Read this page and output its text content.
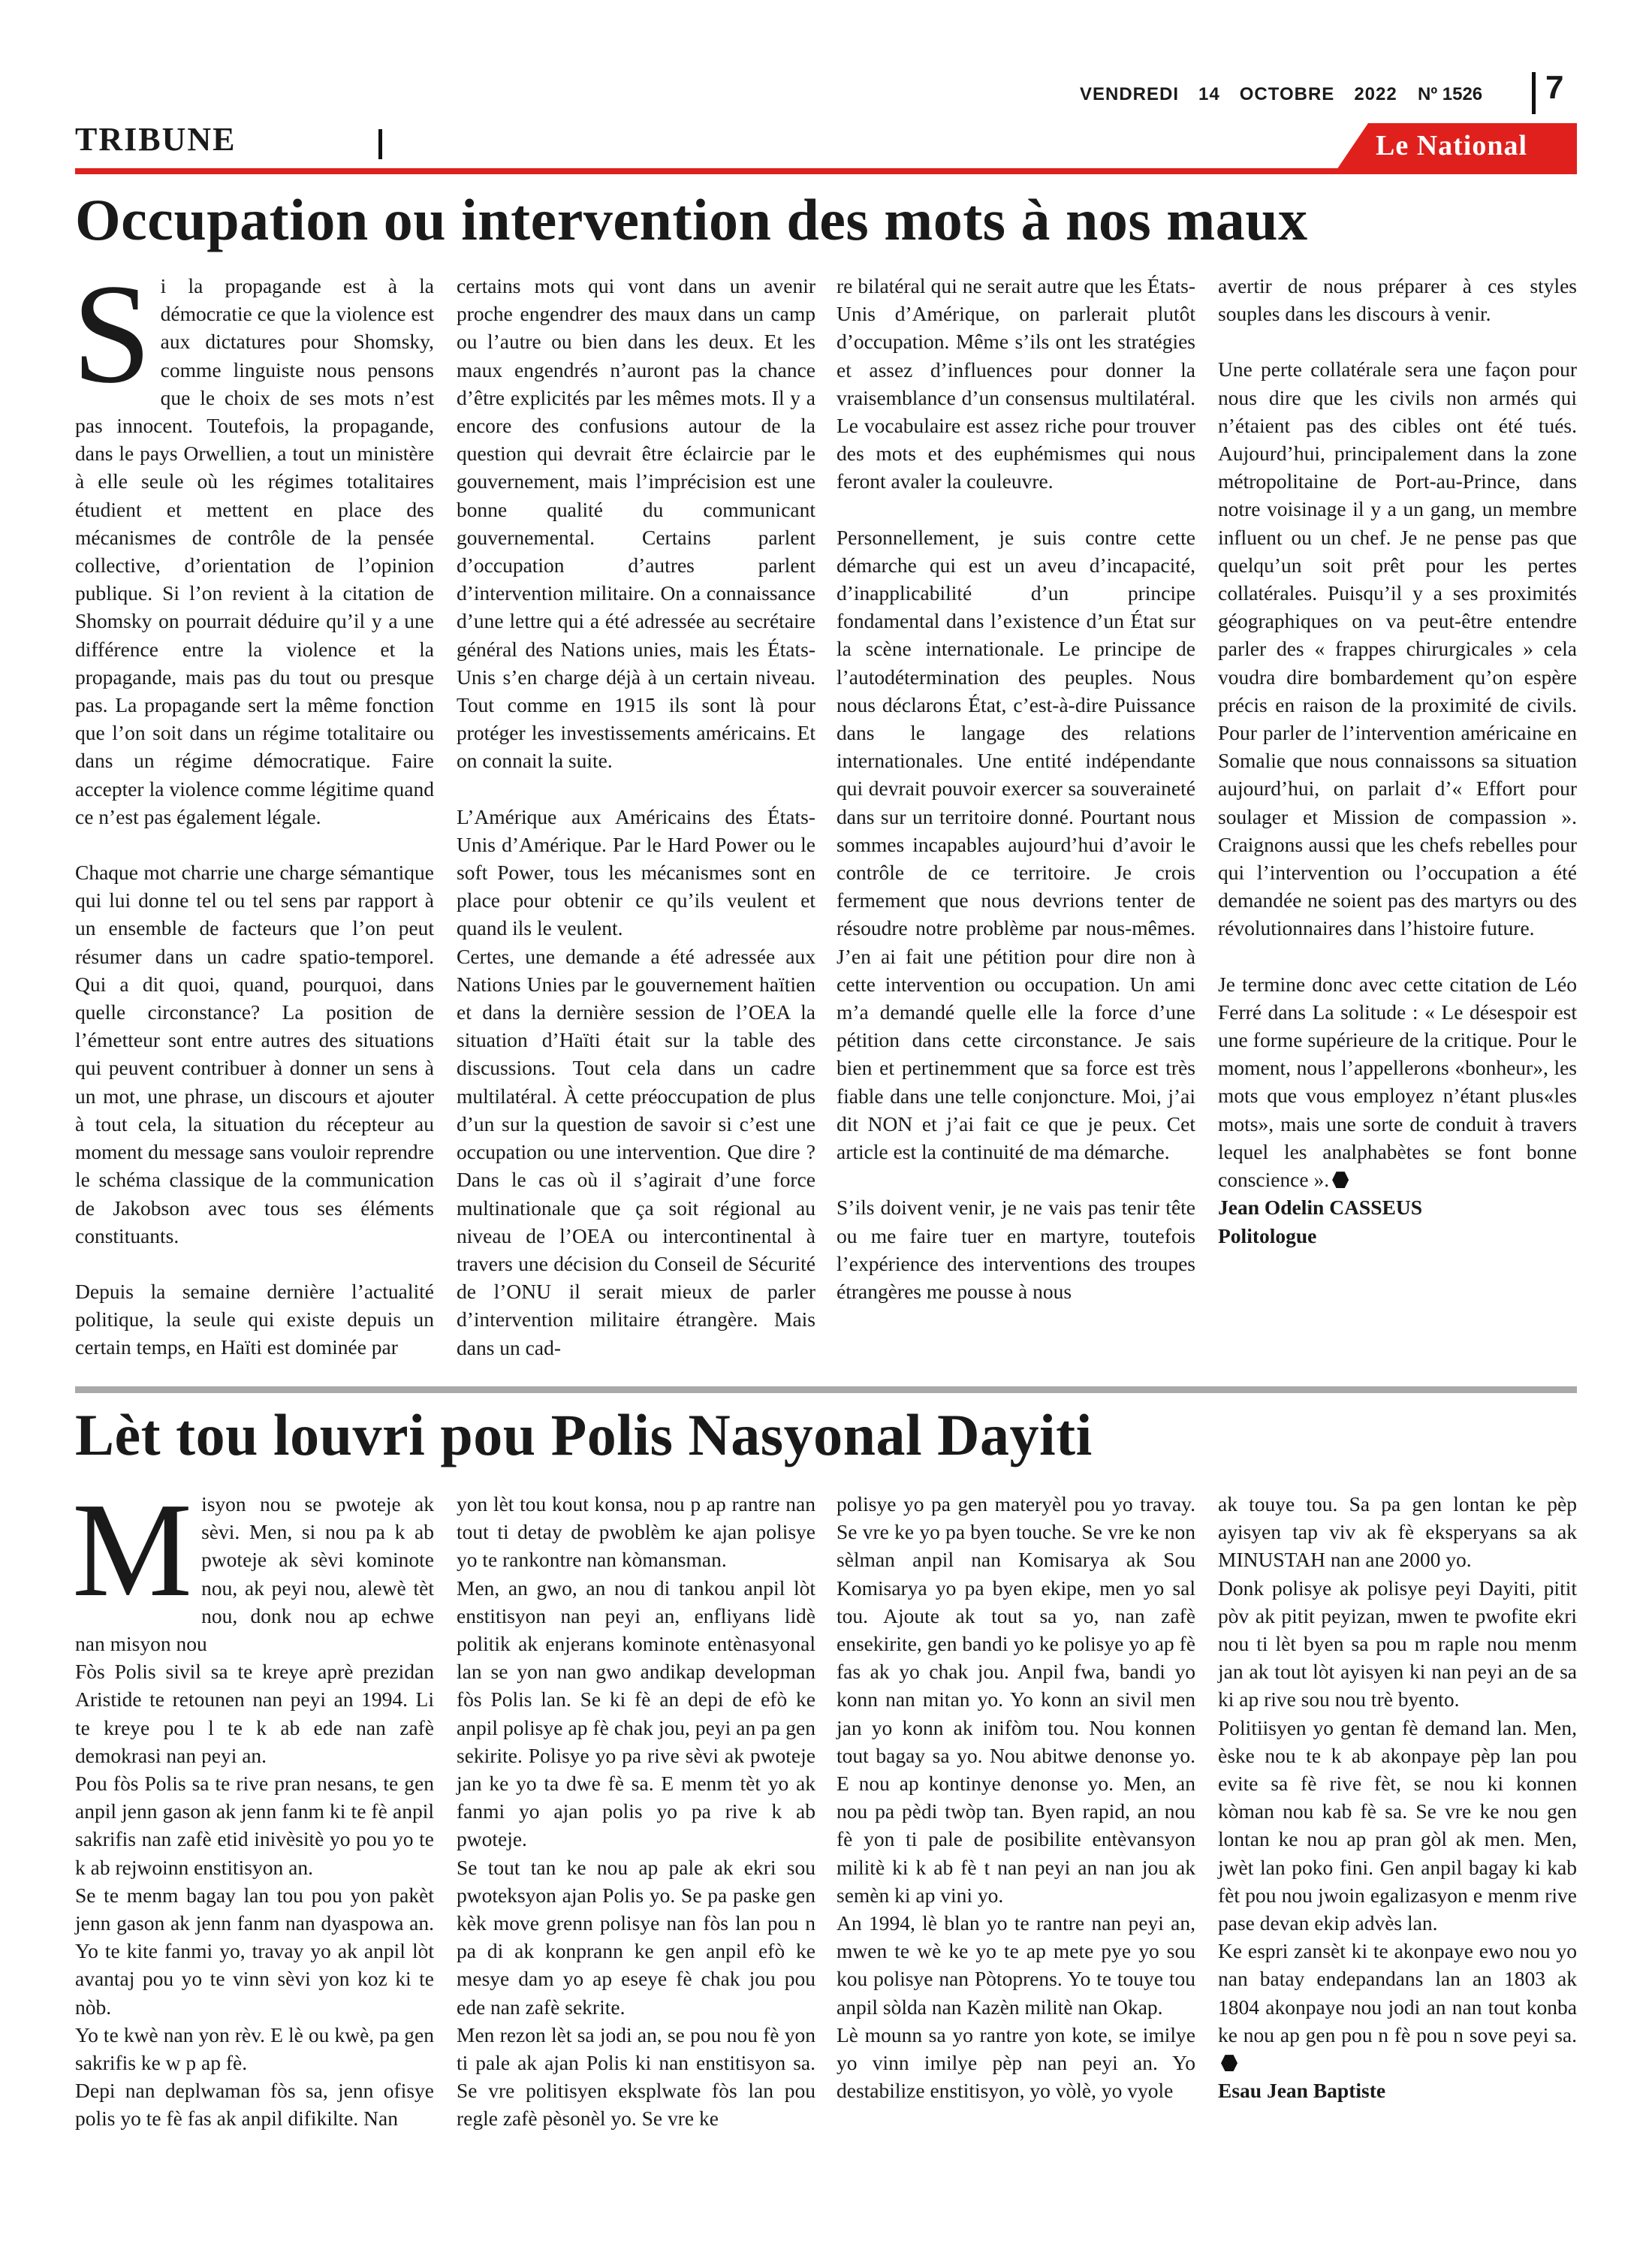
VENDREDI 14 OCTOBRE 2022	Nº 1526 7
TRIBUNE	Le National
Occupation ou intervention des mots à nos maux
S i la propagande est à la démocratie ce que la violence est aux dictatures pour Shomsky, comme linguiste nous pensons que le choix de ses mots n’est pas innocent. Toutefois, la propagande, dans le pays Orwellien, a tout un ministère à elle seule où les régimes totalitaires étudient et mettent en place des mécanismes de contrôle de la pensée collective, d’orientation de l’opinion publique. Si l’on revient à la citation de Shomsky on pourrait déduire qu’il y a une différence entre la violence et la propagande, mais pas du tout ou presque pas. La propagande sert la même fonction que l’on soit dans un régime totalitaire ou dans un régime démocratique. Faire accepter la violence comme légitime quand ce n’est pas également légale.

Chaque mot charrie une charge sémantique qui lui donne tel ou tel sens par rapport à un ensemble de facteurs que l’on peut résumer dans un cadre spatio-temporel. Qui a dit quoi, quand, pourquoi, dans quelle circonstance? La position de l’émetteur sont entre autres des situations qui peuvent contribuer à donner un sens à un mot, une phrase, un discours et ajouter à tout cela, la situation du récepteur au moment du message sans vouloir reprendre le schéma classique de la communication de Jakobson avec tous ses éléments constituants.

Depuis la semaine dernière l’actualité politique, la seule qui existe depuis un certain temps, en Haïti est dominée par

certains mots qui vont dans un avenir proche engendrer des maux dans un camp ou l’autre ou bien dans les deux. Et les maux engendrés n’auront pas la chance d’être explicités par les mêmes mots. Il y a encore des confusions autour de la question qui devrait être éclaircie par le gouvernement, mais l’imprécision est une bonne qualité du communicant gouvernemental. Certains parlent d’occupation d’autres parlent d’intervention militaire. On a connaissance d’une lettre qui a été adressée au secrétaire général des Nations unies, mais les États-Unis s’en charge déjà à un certain niveau. Tout comme en 1915 ils sont là pour protéger les investissements américains. Et on connait la suite.

L’Amérique aux Américains des États-Unis d’Amérique. Par le Hard Power ou le soft Power, tous les mécanismes sont en place pour obtenir ce qu’ils veulent et quand ils le veulent.

Certes, une demande a été adressée aux Nations Unies par le gouvernement haïtien et dans la dernière session de l’OEA la situation d’Haïti était sur la table des discussions. Tout cela dans un cadre multilatéral. À cette préoccupation de plus d’un sur la question de savoir si c’est une occupation ou une intervention. Que dire ? Dans le cas où il s’agirait d’une force multinationale que ça soit régional au niveau de l’OEA ou intercontinental à travers une décision du Conseil de Sécurité de l’ONU il serait mieux de parler d’intervention militaire étrangère. Mais dans un cad-

re bilatéral qui ne serait autre que les États-Unis d’Amérique, on parlerait plutôt d’occupation. Même s’ils ont les stratégies et assez d’influences pour donner la vraisemblance d’un consensus multilatéral. Le vocabulaire est assez riche pour trouver des mots et des euphémismes qui nous feront avaler la couleuvre.

Personnellement, je suis contre cette démarche qui est un aveu d’incapacité, d’inapplicabilité d’un principe fondamental dans l’existence d’un État sur la scène internationale. Le principe de l’autodétermination des peuples. Nous nous déclarons État, c’est-à-dire Puissance dans le langage des relations internationales. Une entité indépendante qui devrait pouvoir exercer sa souveraineté dans sur un territoire donné. Pourtant nous sommes incapables aujourd’hui d’avoir le contrôle de ce territoire. Je crois fermement que nous devrions tenter de résoudre notre problème par nous-mêmes. J’en ai fait une pétition pour dire non à cette intervention ou occupation. Un ami m’a demandé quelle elle la force d’une pétition dans cette circonstance. Je sais bien et pertinemment que sa force est très fiable dans une telle conjoncture. Moi, j’ai dit NON et j’ai fait ce que je peux. Cet article est la continuité de ma démarche.

S’ils doivent venir, je ne vais pas tenir tête ou me faire tuer en martyre, toutefois l’expérience des interventions des troupes étrangères me pousse à nous

avertir de nous préparer à ces styles souples dans les discours à venir.

Une perte collatérale sera une façon pour nous dire que les civils non armés qui n’étaient pas des cibles ont été tués. Aujourd’hui, principalement dans la zone métropolitaine de Port-au-Prince, dans notre voisinage il y a un gang, un membre influent ou un chef. Je ne pense pas que quelqu’un soit prêt pour les pertes collatérales. Puisqu’il y a ses proximités géographiques on va peut-être entendre parler des « frappes chirurgicales » cela voudra dire bombardement qu’on espère précis en raison de la proximité de civils. Pour parler de l’intervention américaine en Somalie que nous connaissons sa situation aujourd’hui, on parlait d’« Effort pour soulager et Mission de compassion ». Craignons aussi que les chefs rebelles pour qui l’intervention ou l’occupation a été demandée ne soient pas des martyrs ou des révolutionnaires dans l’histoire future.

Je termine donc avec cette citation de Léo Ferré dans La solitude : « Le désespoir est une forme supérieure de la critique. Pour le moment, nous l’appellerons «bonheur», les mots que vous employez n’étant plus«les mots», mais une sorte de conduit à travers lequel les analphabètes se font bonne conscience ».

Jean Odelin CASSEUS

Politologue

Lèt tou louvri pou Polis Nasyonal Dayiti
M isyon nou se pwoteje ak sèvi. Men, si nou pa k ab pwoteje ak sèvi kominote nou, ak peyi nou, alewè tèt nou, donk nou ap echwe nan misyon nou

Fòs Polis sivil sa te kreye aprè prezidan Aristide te retounen nan peyi an 1994. Li te kreye pou l te k ab ede nan zafè demokrasi nan peyi an.

Pou fòs Polis sa te rive pran nesans, te gen anpil jenn gason ak jenn fanm ki te fè anpil sakrifis nan zafè etid inivèsitè yo pou yo te k ab rejwoinn enstitisyon an.

Se te menm bagay lan tou pou yon pakèt jenn gason ak jenn fanm nan dyaspowa an. Yo te kite fanmi yo, travay yo ak anpil lòt avantaj pou yo te vinn sèvi yon koz ki te nòb.

Yo te kwè nan yon rèv. E lè ou kwè, pa gen sakrifis ke w p ap fè.

Depi nan deplwaman fòs sa, jenn ofisye polis yo te fè fas ak anpil difikilte. Nan

yon lèt tou kout konsa, nou p ap rantre nan tout ti detay de pwoblèm ke ajan polisye yo te rankontre nan kòmansman.

Men, an gwo, an nou di tankou anpil lòt enstitisyon nan peyi an, enfliyans lidè politik ak enjerans kominote entènasyonal lan se yon nan gwo andikap developman fòs Polis lan. Se ki fè an depi de efò ke anpil polisye ap fè chak jou, peyi an pa gen sekirite. Polisye yo pa rive sèvi ak pwoteje jan ke yo ta dwe fè sa. E menm tèt yo ak fanmi yo ajan polis yo pa rive k ab pwoteje.

Se tout tan ke nou ap pale ak ekri sou pwoteksyon ajan Polis yo. Se pa paske gen kèk move grenn polisye nan fòs lan pou n pa di ak konprann ke gen anpil efò ke mesye dam yo ap eseye fè chak jou pou ede nan zafè sekrite.

Men rezon lèt sa jodi an, se pou nou fè yon ti pale ak ajan Polis ki nan enstitisyon sa. Se vre politisyen eksplwate fòs lan pou regle zafè pèsonèl yo. Se vre ke

polisye yo pa gen materyèl pou yo travay. Se vre ke yo pa byen touche. Se vre ke non sèlman anpil nan Komisarya ak Sou Komisarya yo pa byen ekipe, men yo sal tou. Ajoute ak tout sa yo, nan zafè ensekirite, gen bandi yo ke polisye yo ap fè fas ak yo chak jou. Anpil fwa, bandi yo konn nan mitan yo. Yo konn an sivil men jan yo konn ak inifòm tou. Nou konnen tout bagay sa yo. Nou abitwe denonse yo. E nou ap kontinye denonse yo. Men, an nou pa pèdi twòp tan. Byen rapid, an nou fè yon ti pale de posibilite entèvansyon militè ki k ab fè t nan peyi an nan jou ak semèn ki ap vini yo.

An 1994, lè blan yo te rantre nan peyi an, mwen te wè ke yo te ap mete pye yo sou kou polisye nan Pòtoprens. Yo te touye tou anpil sòlda nan Kazèn militè nan Okap.

Lè mounn sa yo rantre yon kote, se imilye yo vinn imilye pèp nan peyi an. Yo destabilize enstitisyon, yo vòlè, yo vyole

ak touye tou. Sa pa gen lontan ke pèp ayisyen tap viv ak fè eksperyans sa ak MINUSTAH nan ane 2000 yo.

Donk polisye ak polisye peyi Dayiti, pitit pòv ak pitit peyizan, mwen te pwofite ekri nou ti lèt byen sa pou m raple nou menm jan ak tout lòt ayisyen ki nan peyi an de sa ki ap rive sou nou trè byento.

Politiisyen yo gentan fè demand lan. Men, èske nou te k ab akonpaye pèp lan pou evite sa fè rive fèt, se nou ki konnen kòman nou kab fè sa. Se vre ke nou gen lontan ke nou ap pran gòl ak men. Men, jwèt lan poko fini. Gen anpil bagay ki kab fèt pou nou jwoin egalizasyon e menm rive pase devan ekip advès lan.

Ke espri zansèt ki te akonpaye ewo nou yo nan batay endepandans lan an 1803 ak 1804 akonpaye nou jodi an nan tout konba ke nou ap gen pou n fè pou n sove peyi sa.

Esau Jean Baptiste
